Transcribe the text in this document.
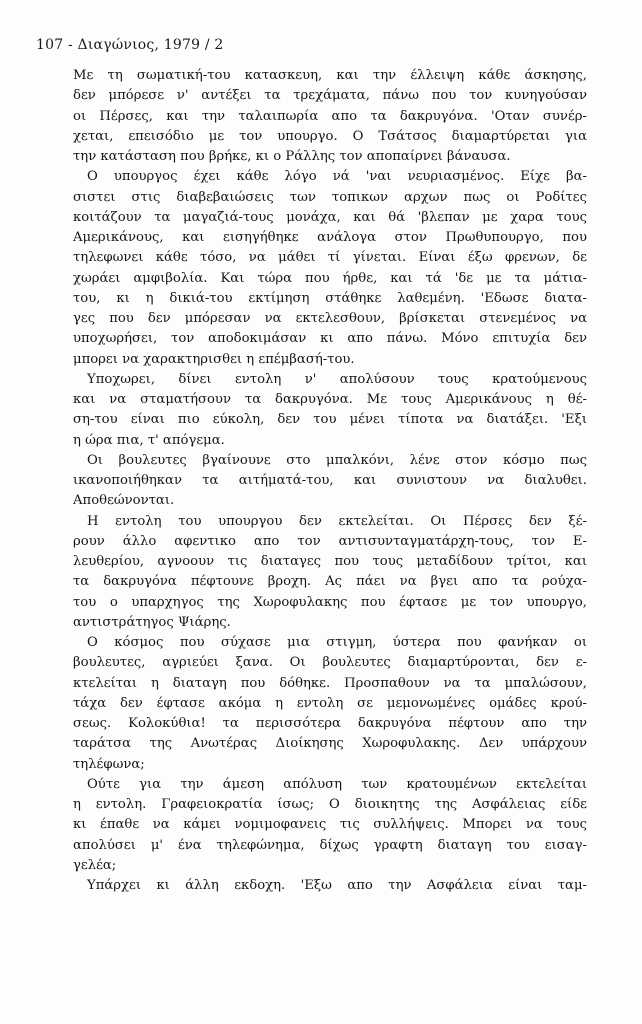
107 - Διαγώνιος, 1979 / 2
Με τη σωματική-του κατασκευη, και την έλλειψη κάθε άσκησης,
δεν μπόρεσε ν' αντέξει τα τρεχάματα, πάνω που τον κυνηγούσαν
οι Πέρσες, και την ταλαιπωρία απο τα δακρυγόνα. 'Οταν συνέρ-
χεται, επεισόδιο με τον υπουργο. Ο Τσάτσος διαμαρτύρεται για
την κατάσταση που βρήκε, κι ο Ράλλης τον αποπαίρνει βάναυσα.
Ο υπουργος έχει κάθε λόγο νά 'ναι νευριασμένος. Είχε βα-
σιστει στις διαβεβαιώσεις των τοπικων αρχων πως οι Ροδίτες
κοιτάζουν τα μαγαζιά-τους μονάχα, και θά 'βλεπαν με χαρα τους
Αμερικάνους, και εισηγήθηκε ανάλογα στον Πρωθυπουργο, που
τηλεφωνει κάθε τόσο, να μάθει τί γίνεται. Είναι έξω φρενων, δε
χωράει αμφιβολία. Και τώρα που ήρθε, και τά 'δε με τα μάτια-
του, κι η δικιά-του εκτίμηση στάθηκε λαθεμένη. 'Εδωσε διατα-
γες που δεν μπόρεσαν να εκτελεσθουν, βρίσκεται στενεμένος να
υποχωρήσει, τον αποδοκιμάσαν κι απο πάνω. Μόνο επιτυχία δεν
μπορει να χαρακτηρισθει η επέμβασή-του.
Υποχωρει, δίνει εντολη ν' απολύσουν τους κρατούμενους
και να σταματήσουν τα δακρυγόνα. Με τους Αμερικάνους η θέ-
ση-του είναι πιο εύκολη, δεν του μένει τίποτα να διατάξει. 'Εξι
η ώρα πια, τ' απόγεμα.
Οι βουλευτες βγαίνουνε στο μπαλκόνι, λένε στον κόσμο πως
ικανοποιήθηκαν τα αιτήματά-του, και συνιστουν να διαλυθει.
Αποθεώνονται.
Η εντολη του υπουργου δεν εκτελείται. Οι Πέρσες δεν ξέ-
ρουν άλλο αφεντικο απο τον αντισυνταγματάρχη-τους, τον Ε-
λευθερίου, αγνοουν τις διαταγες που τους μεταδίδουν τρίτοι, και
τα δακρυγόνα πέφτουνε βροχη. Ας πάει να βγει απο τα ρούχα-
του ο υπαρχηγος της Χωροφυλακης που έφτασε με τον υπουργο,
αντιστράτηγος Ψιάρης.
Ο κόσμος που σύχασε μια στιγμη, ύστερα που φανήκαν οι
βουλευτες, αγριεύει ξανα. Οι βουλευτες διαμαρτύρονται, δεν ε-
κτελείται η διαταγη που δόθηκε. Προσπαθουν να τα μπαλώσουν,
τάχα δεν έφτασε ακόμα η εντολη σε μεμονωμένες ομάδες κρού-
σεως. Κολοκύθια! τα περισσότερα δακρυγόνα πέφτουν απο την
ταράτσα της Ανωτέρας Διοίκησης Χωροφυλακης. Δεν υπάρχουν
τηλέφωνα;
Ούτε για την άμεση απόλυση των κρατουμένων εκτελείται
η εντολη. Γραφειοκρατία ίσως; Ο διοικητης της Ασφάλειας είδε
κι έπαθε να κάμει νομιμοφανεις τις συλλήψεις. Μπορει να τους
απολύσει μ' ένα τηλεφώνημα, δίχως γραφτη διαταγη του εισαγ-
γελέα;
Υπάρχει κι άλλη εκδοχη. 'Εξω απο την Ασφάλεια είναι ταμ-
